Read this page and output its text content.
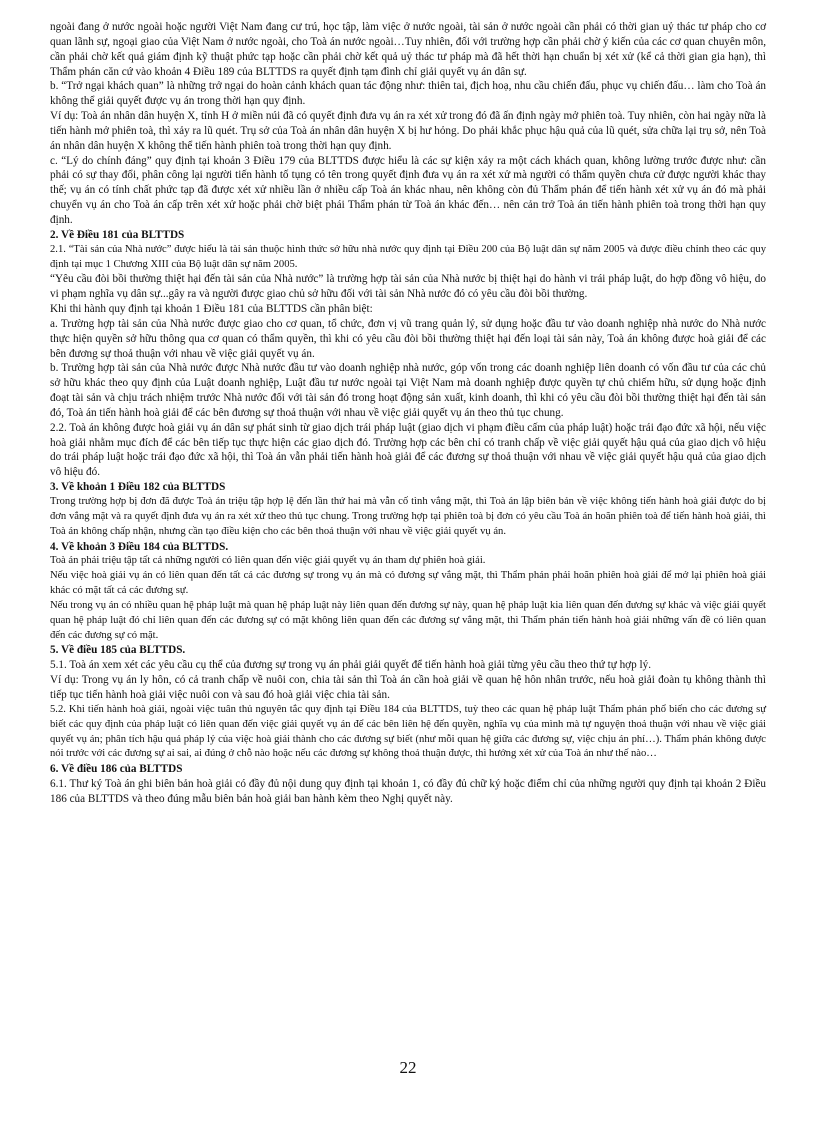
ngoài đang ở nước ngoài hoặc người Việt Nam đang cư trú, học tập, làm việc ở nước ngoài, tài sản ở nước ngoài cần phải có thời gian uỷ thác tư pháp cho cơ quan lãnh sự, ngoại giao của Việt Nam ở nước ngoài, cho Toà án nước ngoài…Tuy nhiên, đối với trường hợp cần phải chờ ý kiến của các cơ quan chuyên môn, cần phải chờ kết quả giám định kỹ thuật phức tạp hoặc cần phải chờ kết quả uỷ thác tư pháp mà đã hết thời hạn chuẩn bị xét xử (kể cả thời gian gia hạn), thì Thẩm phán căn cứ vào khoản 4 Điều 189 của BLTTDS ra quyết định tạm đình chỉ giải quyết vụ án dân sự.

b. “Trở ngại khách quan” là những trở ngại do hoàn cảnh khách quan tác động như: thiên tai, địch hoạ, nhu cầu chiến đấu, phục vụ chiến đấu… làm cho Toà án không thể giải quyết được vụ án trong thời hạn quy định.

Ví dụ: Toà án nhân dân huyện X, tỉnh H ở miền núi đã có quyết định đưa vụ án ra xét xử trong đó đã ấn định ngày mở phiên toà. Tuy nhiên, còn hai ngày nữa là tiến hành mở phiên toà, thì xảy ra lũ quét. Trụ sở của Toà án nhân dân huyện X bị hư hỏng. Do phải khắc phục hậu quả của lũ quét, sửa chữa lại trụ sở, nên Toà án nhân dân huyện X không thể tiến hành phiên toà trong thời hạn quy định.

c. “Lý do chính đáng” quy định tại khoản 3 Điều 179 của BLTTDS được hiểu là các sự kiện xảy ra một cách khách quan, không lường trước được như: cần phải có sự thay đổi, phân công lại người tiến hành tố tụng có tên trong quyết định đưa vụ án ra xét xử mà người có thẩm quyền chưa cử được người khác thay thế; vụ án có tính chất phức tạp đã được xét xử nhiều lần ở nhiều cấp Toà án khác nhau, nên không còn đủ Thẩm phán để tiến hành xét xử vụ án đó mà phải chuyển vụ án cho Toà án cấp trên xét xử hoặc phải chờ biệt phái Thẩm phán từ Toà án khác đến… nên cản trở Toà án tiến hành phiên toà trong thời hạn quy định.

2. Về Điều 181 của BLTTDS

2.1. “Tài sản của Nhà nước” được hiểu là tài sản thuộc hình thức sở hữu nhà nước quy định tại Điều 200 của Bộ luật dân sự năm 2005 và được điều chỉnh theo các quy định tại mục 1 Chương XIII của Bộ luật dân sự năm 2005.

“Yêu cầu đòi bồi thường thiệt hại đến tài sản của Nhà nước” là trường hợp tài sản của Nhà nước bị thiệt hại do hành vi trái pháp luật, do hợp đồng vô hiệu, do vi phạm nghĩa vụ dân sự...gây ra và người được giao chủ sở hữu đối với tài sản Nhà nước đó có yêu cầu đòi bồi thường.

Khi thi hành quy định tại khoản 1 Điều 181 của BLTTDS cần phân biệt:

a. Trường hợp tài sản của Nhà nước được giao cho cơ quan, tổ chức, đơn vị vũ trang quản lý, sử dụng hoặc đầu tư vào doanh nghiệp nhà nước do Nhà nước thực hiện quyền sở hữu thông qua cơ quan có thẩm quyền, thì khi có yêu cầu đòi bồi thường thiệt hại đến loại tài sản này, Toà án không được hoà giải để các bên đương sự thoả thuận với nhau về việc giải quyết vụ án.

b. Trường hợp tài sản của Nhà nước được Nhà nước đầu tư vào doanh nghiệp nhà nước, góp vốn trong các doanh nghiệp liên doanh có vốn đầu tư của các chủ sở hữu khác theo quy định của Luật doanh nghiệp, Luật đầu tư nước ngoài tại Việt Nam mà doanh nghiệp được quyền tự chủ chiếm hữu, sử dụng hoặc định đoạt tài sản và chịu trách nhiệm trước Nhà nước đối với tài sản đó trong hoạt động sản xuất, kinh doanh, thì khi có yêu cầu đòi bồi thường thiệt hại đến tài sản đó, Toà án tiến hành hoà giải để các bên đương sự thoả thuận với nhau về việc giải quyết vụ án theo thủ tục chung.

2.2. Toà án không được hoà giải vụ án dân sự phát sinh từ giao dịch trái pháp luật (giao dịch vi phạm điều cấm của pháp luật) hoặc trái đạo đức xã hội, nếu việc hoà giải nhằm mục đích để các bên tiếp tục thực hiện các giao dịch đó. Trường hợp các bên chỉ có tranh chấp về việc giải quyết hậu quả của giao dịch vô hiệu do trái pháp luật hoặc trái đạo đức xã hội, thì Toà án vẫn phải tiến hành hoà giải để các đương sự thoả thuận với nhau về việc giải quyết hậu quả của giao dịch vô hiệu đó.

3. Về khoản 1 Điều 182 của BLTTDS

Trong trường hợp bị đơn đã được Toà án triệu tập hợp lệ đến lần thứ hai mà vẫn cố tình vắng mặt, thì Toà án lập biên bản về việc không tiến hành hoà giải được do bị đơn vắng mặt và ra quyết định đưa vụ án ra xét xử theo thủ tục chung. Trong trường hợp tại phiên toà bị đơn có yêu cầu Toà án hoãn phiên toà để tiến hành hoà giải, thì Toà án không chấp nhận, nhưng cần tạo điều kiện cho các bên thoả thuận với nhau về việc giải quyết vụ án.

4. Về khoản 3 Điều 184 của BLTTDS.

Toà án phải triệu tập tất cả những người có liên quan đến việc giải quyết vụ án tham dự phiên hoà giải.

Nếu việc hoà giải vụ án có liên quan đến tất cả các đương sự trong vụ án mà có đương sự vắng mặt, thì Thẩm phán phải hoãn phiên hoà giải để mở lại phiên hoà giải khác có mặt tất cả các đương sự.

Nếu trong vụ án có nhiều quan hệ pháp luật mà quan hệ pháp luật này liên quan đến đương sự này, quan hệ pháp luật kia liên quan đến đương sự khác và việc giải quyết quan hệ pháp luật đó chỉ liên quan đến các đương sự có mặt không liên quan đến các đương sự vắng mặt, thì Thẩm phán tiến hành hoà giải những vấn đề có liên quan đến các đương sự có mặt.

5. Về điều 185 của BLTTDS.

5.1. Toà án xem xét các yêu cầu cụ thể của đương sự trong vụ án phải giải quyết để tiến hành hoà giải từng yêu cầu theo thứ tự hợp lý.

Ví dụ: Trong vụ án ly hôn, có cả tranh chấp về nuôi con, chia tài sản thì Toà án cần hoà giải về quan hệ hôn nhân trước, nếu hoà giải đoàn tụ không thành thì tiếp tục tiến hành hoà giải việc nuôi con và sau đó hoà giải việc chia tài sản.

5.2. Khi tiến hành hoà giải, ngoài việc tuân thủ nguyên tắc quy định tại Điều 184 của BLTTDS, tuỳ theo các quan hệ pháp luật Thẩm phán phổ biến cho các đương sự biết các quy định của pháp luật có liên quan đến việc giải quyết vụ án để các bên liên hệ đến quyền, nghĩa vụ của mình mà tự nguyện thoả thuận với nhau về việc giải quyết vụ án; phân tích hậu quả pháp lý của việc hoà giải thành cho các đương sự biết (như mỗi quan hệ giữa các đương sự, việc chịu án phí…). Thẩm phán không được nói trước với các đương sự ai sai, ai đúng ở chỗ nào hoặc nếu các đương sự không thoả thuận được, thì hướng xét xử của Toà án như thế nào…

6. Về điều 186 của BLTTDS

6.1. Thư ký Toà án ghi biên bản hoà giải có đầy đủ nội dung quy định tại khoản 1, có đầy đủ chữ ký hoặc điểm chỉ của những người quy định tại khoản 2 Điều 186 của BLTTDS và theo đúng mẫu biên bản hoà giải ban hành kèm theo Nghị quyết này.

22
